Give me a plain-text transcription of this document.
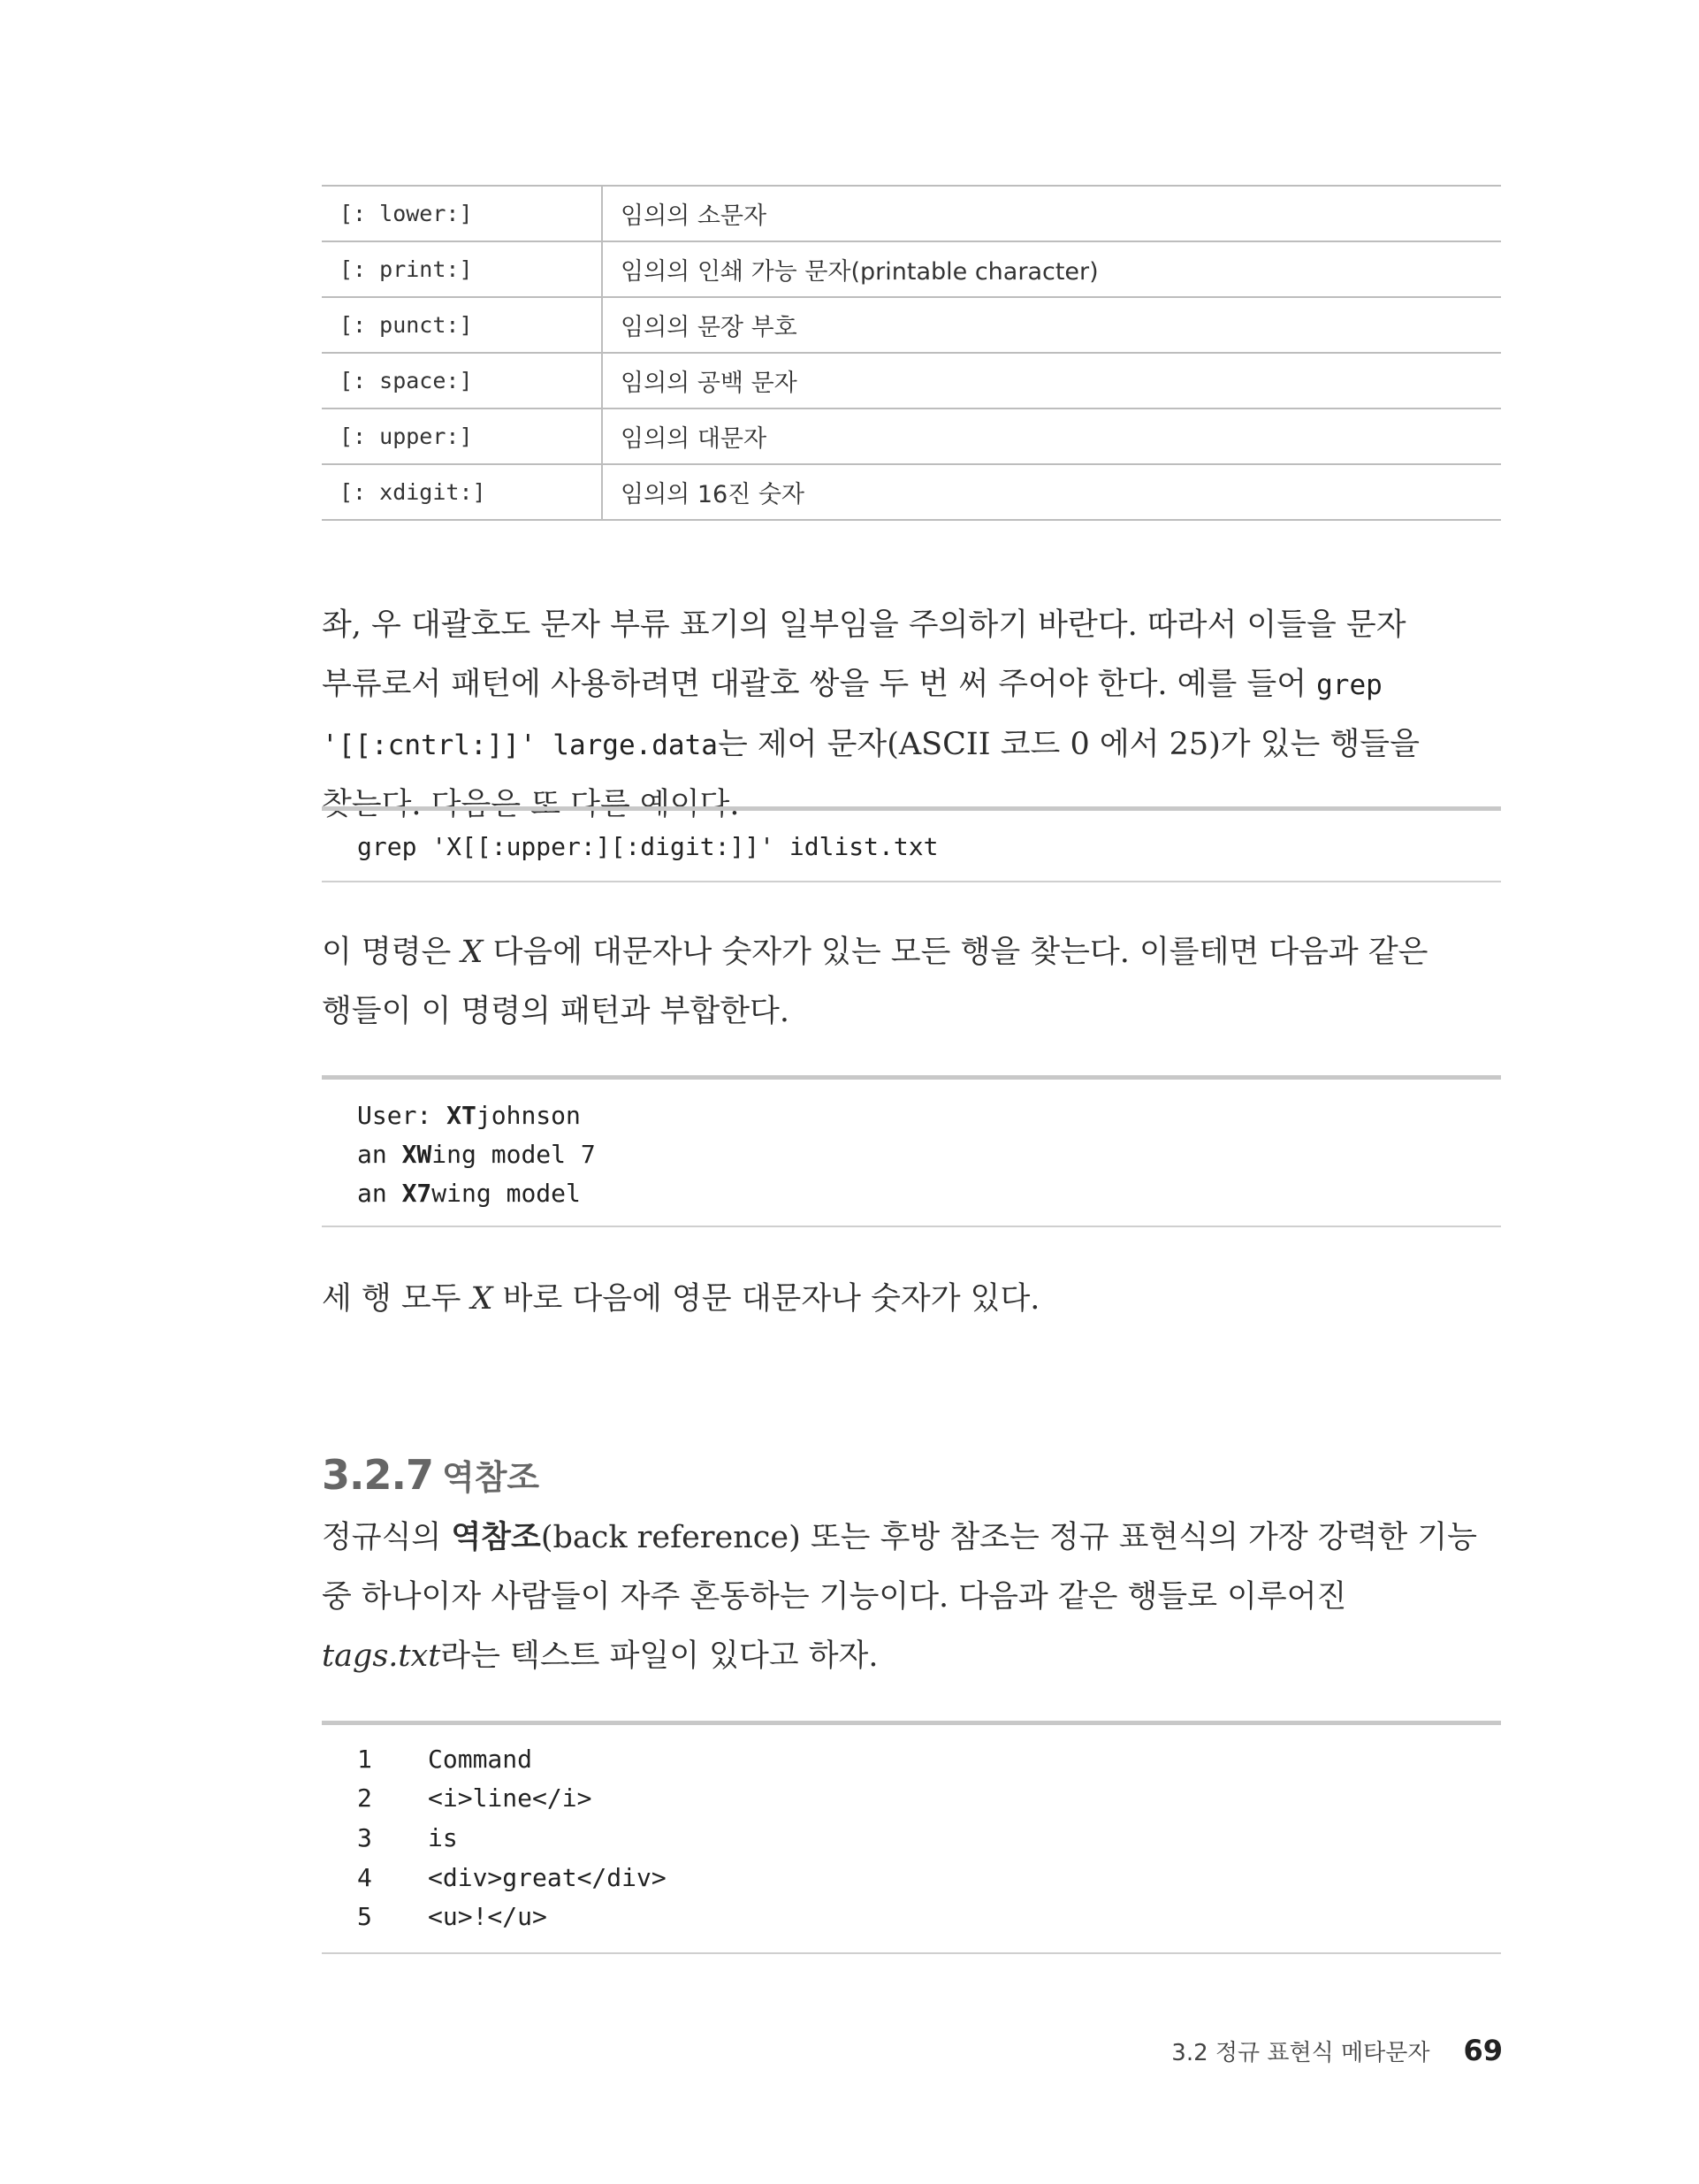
[: lower:]	임의의 소문자
[: print:]	임의의 인쇄 가능 문자(printable character)
[: punct:]	임의의 문장 부호
[: space:]	임의의 공백 문자
[: upper:]	임의의 대문자
[: xdigit:]	임의의 16진 숫자

좌, 우 대괄호도 문자 부류 표기의 일부임을 주의하기 바란다. 따라서 이들을 문자 부류로서 패턴에 사용하려면 대괄호 쌍을 두 번 써 주어야 한다. 예를 들어 grep '[[:cntrl:]]' large.data는 제어 문자(ASCII 코드 0 에서 25)가 있는 행들을 찾는다. 다음은 또 다른 예이다.

grep 'X[[:upper:][:digit:]]' idlist.txt

이 명령은 X 다음에 대문자나 숫자가 있는 모든 행을 찾는다. 이를테면 다음과 같은 행들이 이 명령의 패턴과 부합한다.

User: XTjohnson
an XWing model 7
an X7wing model

세 행 모두 X 바로 다음에 영문 대문자나 숫자가 있다.

3.2.7 역참조

정규식의 역참조(back reference) 또는 후방 참조는 정규 표현식의 가장 강력한 기능 중 하나이자 사람들이 자주 혼동하는 기능이다. 다음과 같은 행들로 이루어진 tags.txt라는 텍스트 파일이 있다고 하자.

1 Command
2 <i>line</i>
3 is
4 <div>great</div>
5 <u>!</u>
3.2 정규 표현식 메타문자 69
